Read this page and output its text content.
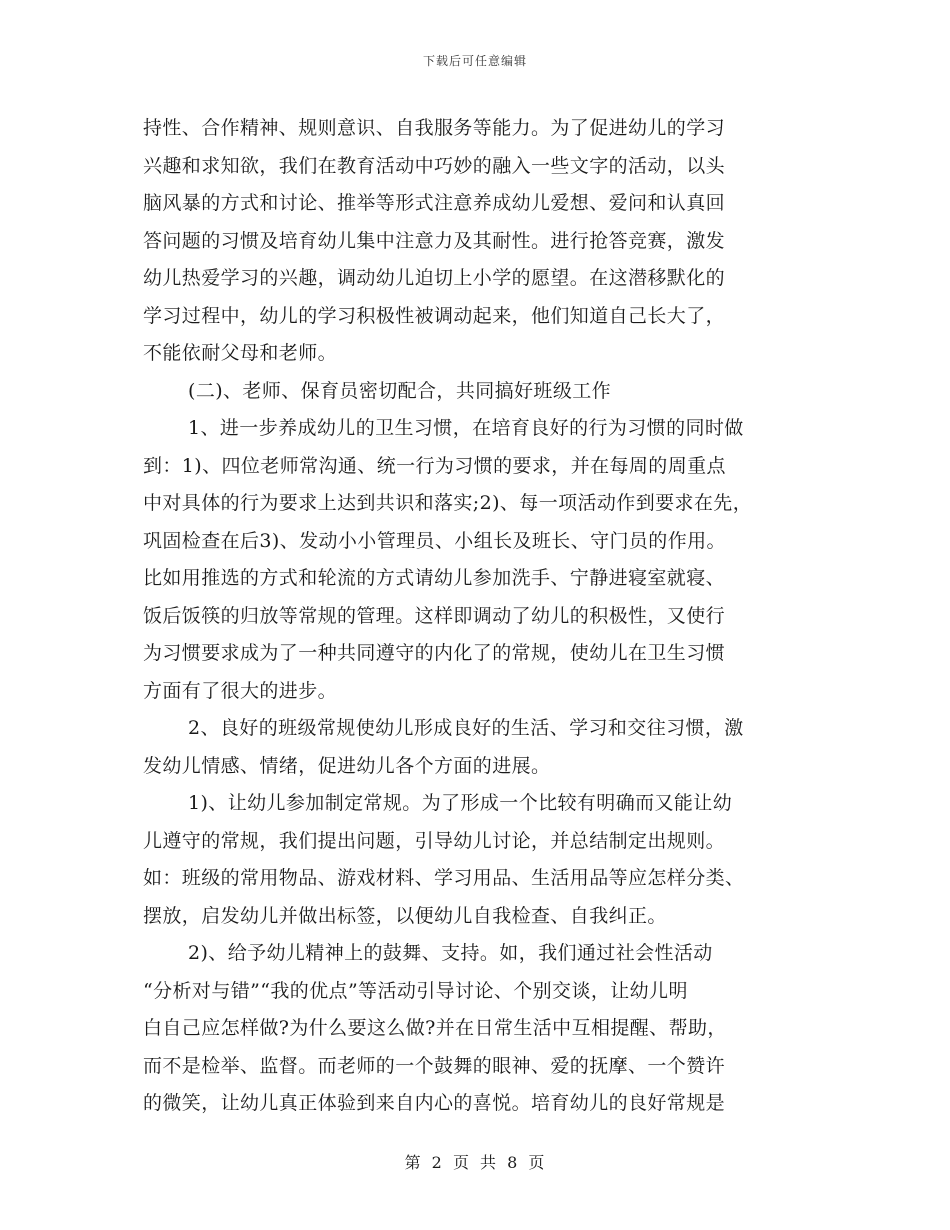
下载后可任意编辑
持性、合作精神、规则意识、自我服务等能力。为了促进幼儿的学习
兴趣和求知欲，我们在教育活动中巧妙的融入一些文字的活动，以头
脑风暴的方式和讨论、推举等形式注意养成幼儿爱想、爱问和认真回
答问题的习惯及培育幼儿集中注意力及其耐性。进行抢答竞赛，激发
幼儿热爱学习的兴趣，调动幼儿迫切上小学的愿望。在这潜移默化的
学习过程中，幼儿的学习积极性被调动起来，他们知道自己长大了，
不能依耐父母和老师。
(二)、老师、保育员密切配合，共同搞好班级工作
1、进一步养成幼儿的卫生习惯，在培育良好的行为习惯的同时做
到：1)、四位老师常沟通、统一行为习惯的要求，并在每周的周重点
中对具体的行为要求上达到共识和落实;2)、每一项活动作到要求在先，
巩固检查在后3)、发动小小管理员、小组长及班长、守门员的作用。
比如用推选的方式和轮流的方式请幼儿参加洗手、宁静进寝室就寝、
饭后饭筷的归放等常规的管理。这样即调动了幼儿的积极性，又使行
为习惯要求成为了一种共同遵守的内化了的常规，使幼儿在卫生习惯
方面有了很大的进步。
2、良好的班级常规使幼儿形成良好的生活、学习和交往习惯，激
发幼儿情感、情绪，促进幼儿各个方面的进展。
1)、让幼儿参加制定常规。为了形成一个比较有明确而又能让幼
儿遵守的常规，我们提出问题，引导幼儿讨论，并总结制定出规则。
如：班级的常用物品、游戏材料、学习用品、生活用品等应怎样分类、
摆放，启发幼儿并做出标签，以便幼儿自我检查、自我纠正。
2)、给予幼儿精神上的鼓舞、支持。如，我们通过社会性活动
“分析对与错”“我的优点”等活动引导讨论、个别交谈，让幼儿明
白自己应怎样做?为什么要这么做?并在日常生活中互相提醒、帮助，
而不是检举、监督。而老师的一个鼓舞的眼神、爱的抚摩、一个赞许
的微笑，让幼儿真正体验到来自内心的喜悦。培育幼儿的良好常规是
第 2 页 共 8 页
